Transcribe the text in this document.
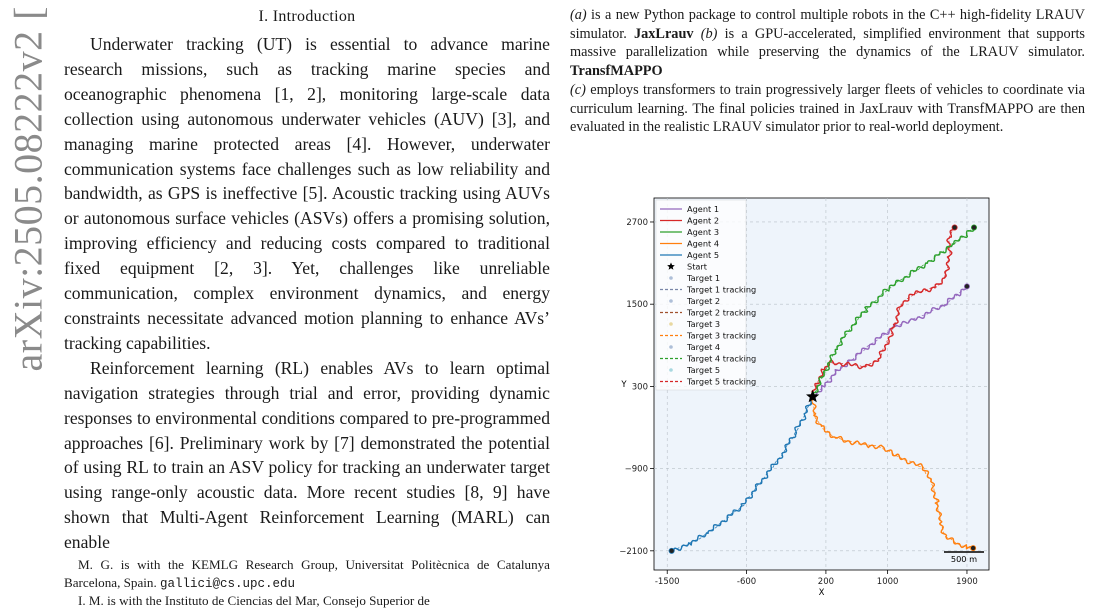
arXiv:2505.08222v2 [	I. Introduction

Underwater tracking (UT) is essential to advance marine research missions, such as tracking marine species and oceanographic phenomena [1, 2], monitoring large-scale data collection using autonomous underwater vehicles (AUV) [3], and managing marine protected areas [4]. However, underwater communication systems face challenges such as low reliability and bandwidth, as GPS is ineffective [5]. Acoustic tracking using AUVs or autonomous surface vehicles (ASVs) offers a promising solution, improving efficiency and reducing costs compared to traditional fixed equipment [2, 3]. Yet, challenges like unreliable communication, complex environment dynamics, and energy constraints necessitate advanced motion planning to enhance AVs’ tracking capabilities.

Reinforcement learning (RL) enables AVs to learn optimal navigation strategies through trial and error, providing dynamic responses to environmental conditions compared to pre-programmed approaches [6]. Preliminary work by [7] demonstrated the potential of using RL to train an ASV policy for tracking an underwater target using range-only acoustic data. More recent studies [8, 9] have shown that Multi-Agent Reinforcement Learning (MARL) can enable

M. G. is with the KEMLG Research Group, Universitat Politècnica de Catalunya Barcelona, Spain. gallici@cs.upc.edu
I. M. is with the Instituto de Ciencias del Mar, Consejo Superior de

(a) is a new Python package to control multiple robots in the C++ high-fidelity LRAUV simulator. JaxLrauv (b) is a GPU-accelerated, simplified environment that supports massive parallelization while preserving the dynamics of the LRAUV simulator. TransfMAPPO
(c) employs transformers to train progressively larger fleets of vehicles to coordinate via curriculum learning. The final policies trained in JaxLrauv with TransfMAPPO are then evaluated in the realistic LRAUV simulator prior to real-world deployment.

-1500	-600	200	1000	1900
2700
1500
300
−900
−2100
X
Y
Agent 1
Agent 2
Agent 3
Agent 4
Agent 5
Start
Target 1
Target 1 tracking
Target 2
Target 2 tracking
Target 3
Target 3 tracking
Target 4
Target 4 tracking
Target 5
Target 5 tracking
500 m
